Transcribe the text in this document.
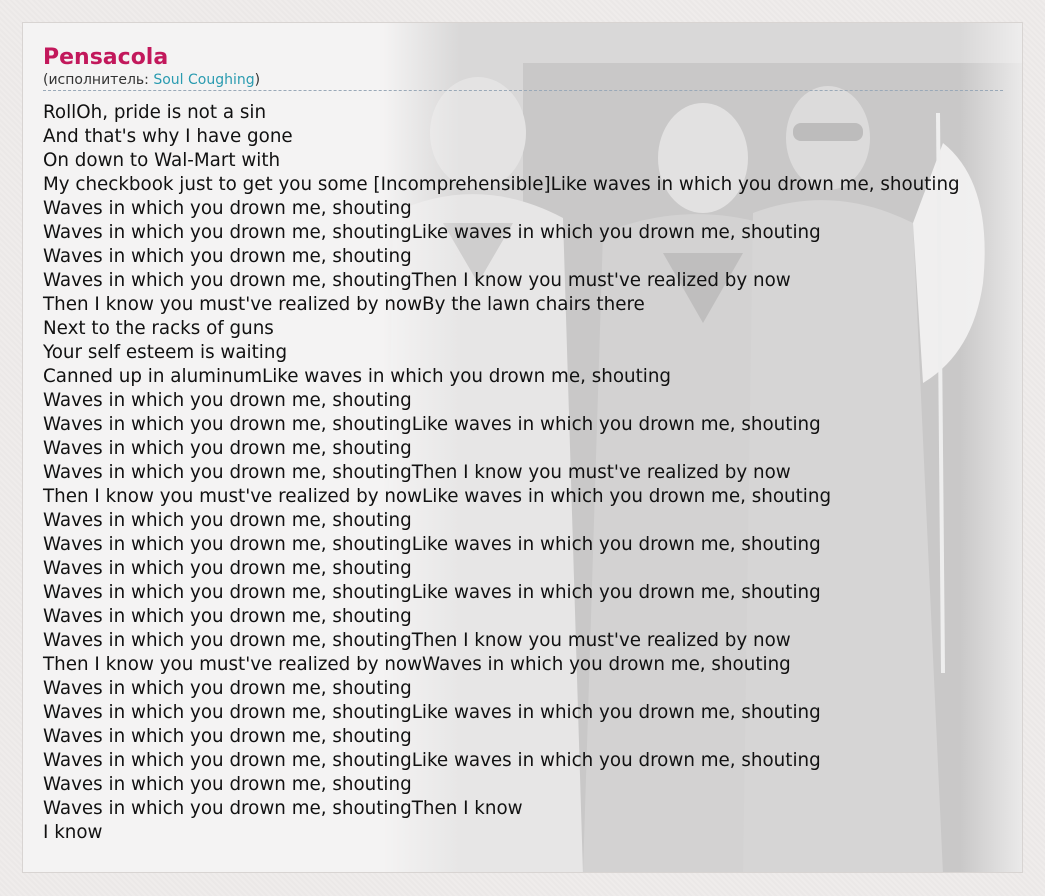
Pensacola
(исполнитель: Soul Coughing)
RollOh, pride is not a sin
And that's why I have gone
On down to Wal-Mart with
My checkbook just to get you some [Incomprehensible]Like waves in which you drown me, shouting
Waves in which you drown me, shouting
Waves in which you drown me, shoutingLike waves in which you drown me, shouting
Waves in which you drown me, shouting
Waves in which you drown me, shoutingThen I know you must've realized by now
Then I know you must've realized by nowBy the lawn chairs there
Next to the racks of guns
Your self esteem is waiting
Canned up in aluminumLike waves in which you drown me, shouting
Waves in which you drown me, shouting
Waves in which you drown me, shoutingLike waves in which you drown me, shouting
Waves in which you drown me, shouting
Waves in which you drown me, shoutingThen I know you must've realized by now
Then I know you must've realized by nowLike waves in which you drown me, shouting
Waves in which you drown me, shouting
Waves in which you drown me, shoutingLike waves in which you drown me, shouting
Waves in which you drown me, shouting
Waves in which you drown me, shoutingLike waves in which you drown me, shouting
Waves in which you drown me, shouting
Waves in which you drown me, shoutingThen I know you must've realized by now
Then I know you must've realized by nowWaves in which you drown me, shouting
Waves in which you drown me, shouting
Waves in which you drown me, shoutingLike waves in which you drown me, shouting
Waves in which you drown me, shouting
Waves in which you drown me, shoutingLike waves in which you drown me, shouting
Waves in which you drown me, shouting
Waves in which you drown me, shoutingThen I know
I know
